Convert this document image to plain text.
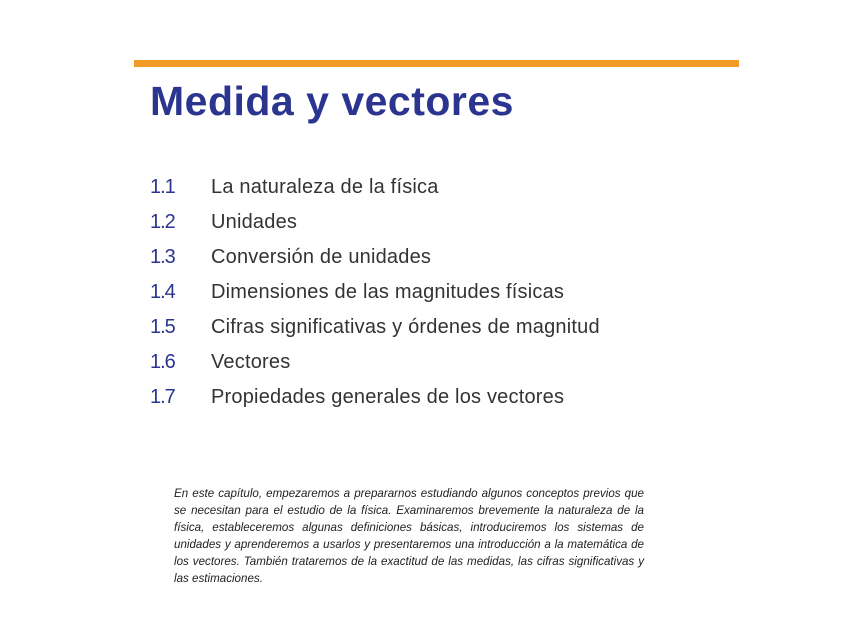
Medida y vectores
1.1	La naturaleza de la física
1.2	Unidades
1.3	Conversión de unidades
1.4	Dimensiones de las magnitudes físicas
1.5	Cifras significativas y órdenes de magnitud
1.6	Vectores
1.7	Propiedades generales de los vectores

En este capítulo, empezaremos a prepararnos estudiando algunos conceptos previos que se necesitan para el estudio de la física. Examinaremos brevemente la naturaleza de la física, estableceremos algunas definiciones básicas, introduciremos los sistemas de unidades y aprenderemos a usarlos y presentaremos una introducción a la matemática de los vectores. También trataremos de la exactitud de las medidas, las cifras significativas y las estimaciones.
